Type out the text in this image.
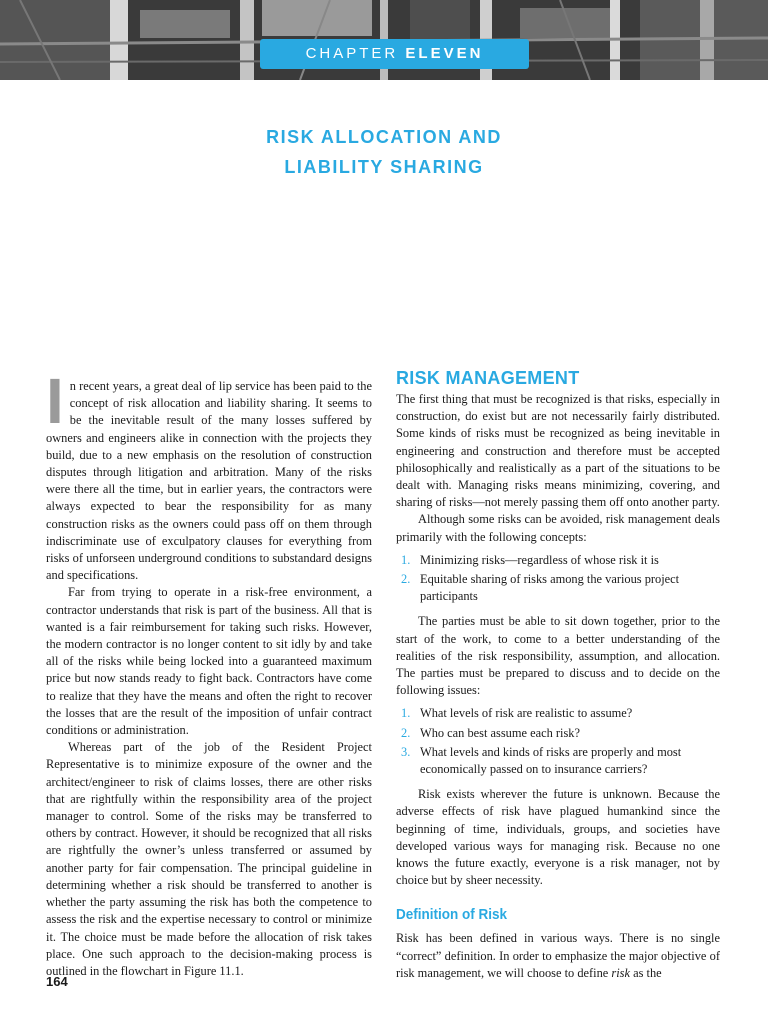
CHAPTER ELEVEN
RISK ALLOCATION AND
LIABILITY SHARING

In recent years, a great deal of lip service has been paid to the concept of risk allocation and liability sharing. It seems to be the inevitable result of the many losses suffered by owners and engineers alike in connection with the projects they build, due to a new emphasis on the resolution of construction disputes through litigation and arbitration. Many of the risks were there all the time, but in earlier years, the contractors were always expected to bear the responsibility for as many construction risks as the owners could pass off on them through indiscriminate use of exculpatory clauses for everything from risks of unforseen underground conditions to substandard designs and specifications.

Far from trying to operate in a risk-free environment, a contractor understands that risk is part of the business. All that is wanted is a fair reimbursement for taking such risks. However, the modern contractor is no longer content to sit idly by and take all of the risks while being locked into a guaranteed maximum price but now stands ready to fight back. Contractors have come to realize that they have the means and often the right to recover the losses that are the result of the imposition of unfair contract conditions or administration.

Whereas part of the job of the Resident Project Representative is to minimize exposure of the owner and the architect/engineer to risk of claims losses, there are other risks that are rightfully within the responsibility area of the project manager to control. Some of the risks may be transferred to others by contract. However, it should be recognized that all risks are rightfully the owner’s unless transferred or assumed by another party for fair compensation. The principal guideline in determining whether a risk should be transferred to another is whether the party assuming the risk has both the competence to assess the risk and the expertise necessary to control or minimize it. The choice must be made before the allocation of risk takes place. One such approach to the decision-making process is outlined in the flowchart in Figure 11.1.

RISK MANAGEMENT

The first thing that must be recognized is that risks, especially in construction, do exist but are not necessarily fairly distributed. Some kinds of risks must be recognized as being inevitable in engineering and construction and therefore must be accepted philosophically and realistically as a part of the situations to be dealt with. Managing risks means minimizing, covering, and sharing of risks—not merely passing them off onto another party.

Although some risks can be avoided, risk management deals primarily with the following concepts:

1. Minimizing risks—regardless of whose risk it is
2. Equitable sharing of risks among the various project participants

The parties must be able to sit down together, prior to the start of the work, to come to a better understanding of the realities of the risk responsibility, assumption, and allocation. The parties must be prepared to discuss and to decide on the following issues:

1. What levels of risk are realistic to assume?
2. Who can best assume each risk?
3. What levels and kinds of risks are properly and most economically passed on to insurance carriers?

Risk exists wherever the future is unknown. Because the adverse effects of risk have plagued humankind since the beginning of time, individuals, groups, and societies have developed various ways for managing risk. Because no one knows the future exactly, everyone is a risk manager, not by choice but by sheer necessity.

Definition of Risk

Risk has been defined in various ways. There is no single “correct” definition. In order to emphasize the major objective of risk management, we will choose to define risk as the

164
